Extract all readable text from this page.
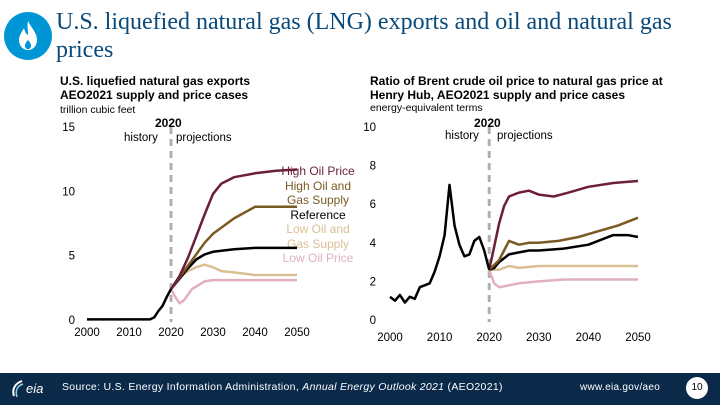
U.S. liquefied natural gas (LNG) exports and oil and natural gas prices
U.S. liquefied natural gas exports AEO2021 supply and price cases
trillion cubic feet
2020
history projections
Ratio of Brent crude oil price to natural gas price at Henry Hub, AEO2021 supply and price cases
energy-equivalent terms
2020
history projections
High Oil Price
High Oil and Gas Supply
Reference
Low Oil and Gas Supply
Low Oil Price
0
5
10
15
2000 2010 2020 2030 2040 2050
0
2
4
6
8
10
2000 2010 2020 2030 2040 2050
eia Source: U.S. Energy Information Administration, Annual Energy Outlook 2021 (AEO2021)	www.eia.gov/aeo	10
